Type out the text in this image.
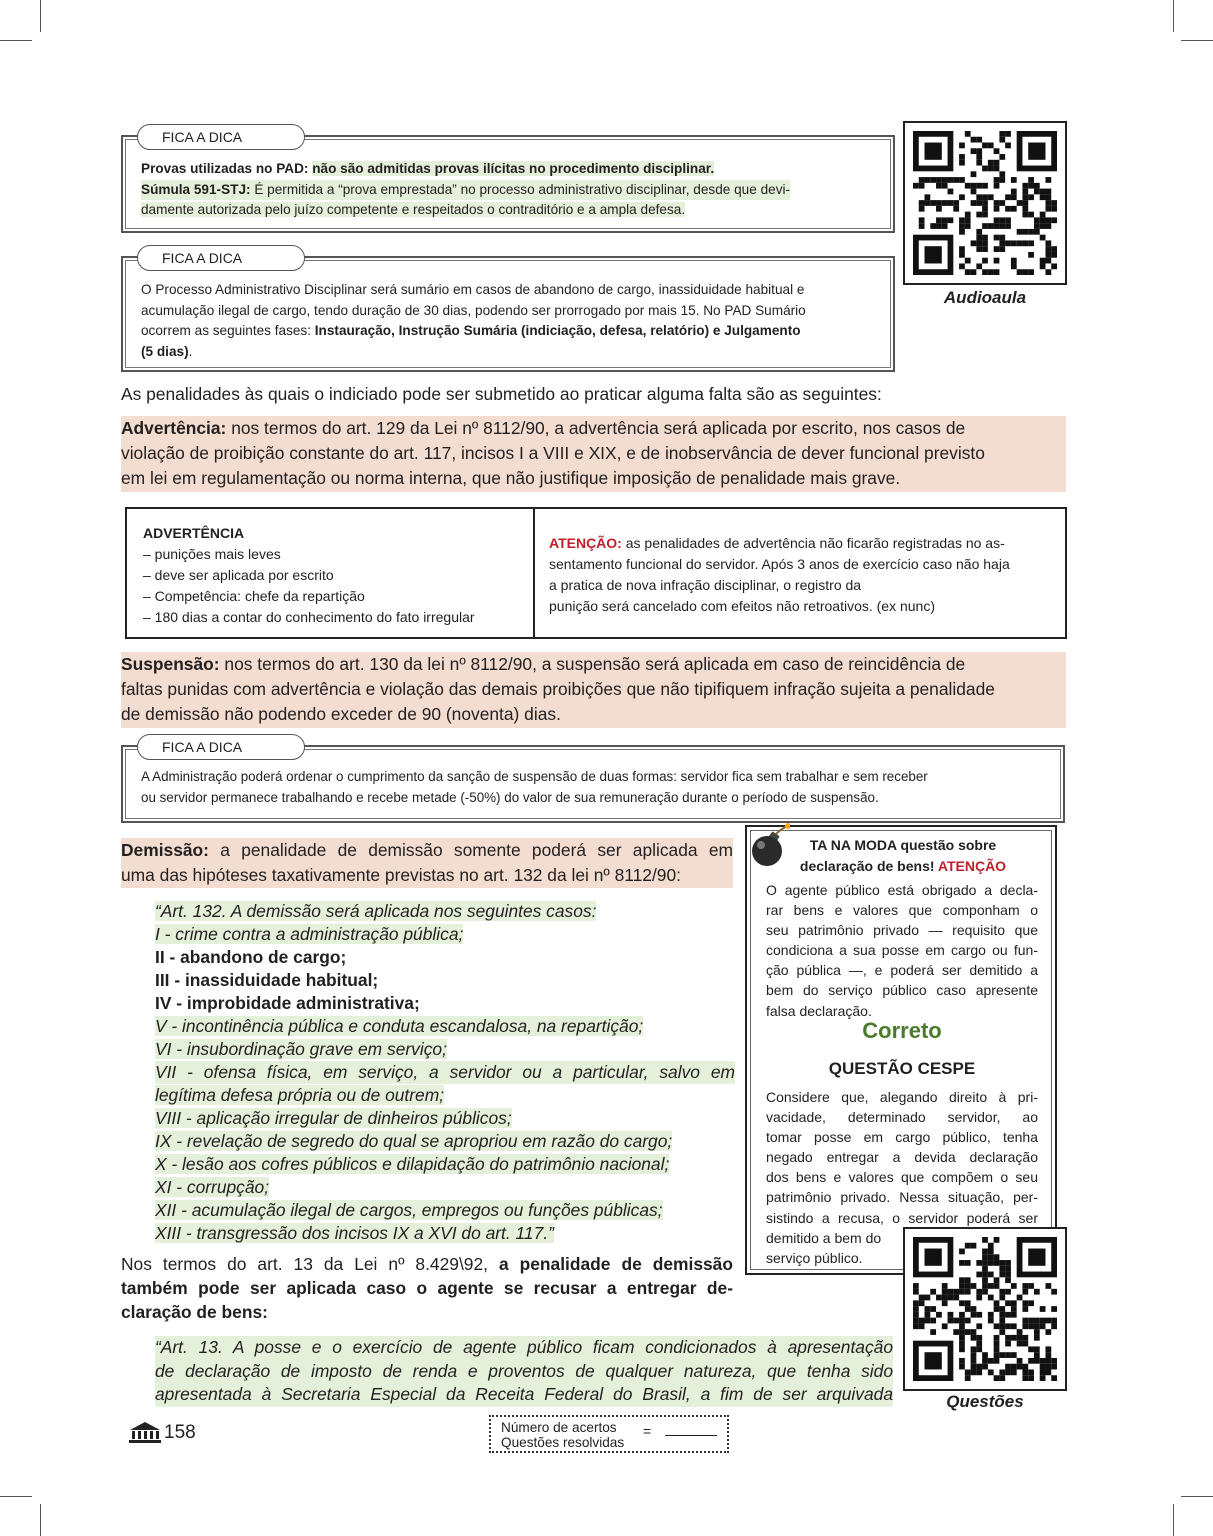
FICA A DICA
Provas utilizadas no PAD: não são admitidas provas ilícitas no procedimento disciplinar.
Súmula 591-STJ: É permitida a “prova emprestada” no processo administrativo disciplinar, desde que devi-
damente autorizada pelo juízo competente e respeitados o contraditório e a ampla defesa.
FICA A DICA
O Processo Administrativo Disciplinar será sumário em casos de abandono de cargo, inassiduidade habitual e
acumulação ilegal de cargo, tendo duração de 30 dias, podendo ser prorrogado por mais 15. No PAD Sumário
ocorrem as seguintes fases: Instauração, Instrução Sumária (indiciação, defesa, relatório) e Julgamento
(5 dias).
Audioaula
As penalidades às quais o indiciado pode ser submetido ao praticar alguma falta são as seguintes:
Advertência: nos termos do art. 129 da Lei nº 8112/90, a advertência será aplicada por escrito, nos casos de
violação de proibição constante do art. 117, incisos I a VIII e XIX, e de inobservância de dever funcional previsto
em lei em regulamentação ou norma interna, que não justifique imposição de penalidade mais grave.
ADVERTÊNCIA
– punições mais leves
– deve ser aplicada por escrito
– Competência: chefe da repartição
– 180 dias a contar do conhecimento do fato irregular
ATENÇÃO: as penalidades de advertência não ficarão registradas no as-
sentamento funcional do servidor. Após 3 anos de exercício caso não haja
a pratica de nova infração disciplinar, o registro da
punição será cancelado com efeitos não retroativos. (ex nunc)
Suspensão: nos termos do art. 130 da lei nº 8112/90, a suspensão será aplicada em caso de reincidência de
faltas punidas com advertência e violação das demais proibições que não tipifiquem infração sujeita a penalidade
de demissão não podendo exceder de 90 (noventa) dias.
FICA A DICA
A Administração poderá ordenar o cumprimento da sanção de suspensão de duas formas: servidor fica sem trabalhar e sem receber
ou servidor permanece trabalhando e recebe metade (-50%) do valor de sua remuneração durante o período de suspensão.
Demissão: a penalidade de demissão somente poderá ser aplicada em
uma das hipóteses taxativamente previstas no art. 132 da lei nº 8112/90:
“Art. 132. A demissão será aplicada nos seguintes casos:
I - crime contra a administração pública;
II - abandono de cargo;
III - inassiduidade habitual;
IV - improbidade administrativa;
V - incontinência pública e conduta escandalosa, na repartição;
VI - insubordinação grave em serviço;
VII - ofensa física, em serviço, a servidor ou a particular, salvo em
legítima defesa própria ou de outrem;
VIII - aplicação irregular de dinheiros públicos;
IX - revelação de segredo do qual se apropriou em razão do cargo;
X - lesão aos cofres públicos e dilapidação do patrimônio nacional;
XI - corrupção;
XII - acumulação ilegal de cargos, empregos ou funções públicas;
XIII - transgressão dos incisos IX a XVI do art. 117.”
Nos termos do art. 13 da Lei nº 8.429\92, a penalidade de demissão
também pode ser aplicada caso o agente se recusar a entregar de-
claração de bens:
“Art. 13. A posse e o exercício de agente público ficam condicionados à apresentação
de declaração de imposto de renda e proventos de qualquer natureza, que tenha sido
apresentada à Secretaria Especial da Receita Federal do Brasil, a fim de ser arquivada
TA NA MODA questão sobre
declaração de bens! ATENÇÃO
O agente público está obrigado a decla-
rar bens e valores que componham o
seu patrimônio privado — requisito que
condiciona a sua posse em cargo ou fun-
ção pública —, e poderá ser demitido a
bem do serviço público caso apresente
falsa declaração.
Correto
QUESTÃO CESPE
Considere que, alegando direito à pri-
vacidade, determinado servidor, ao
tomar posse em cargo público, tenha
negado entregar a devida declaração
dos bens e valores que compõem o seu
patrimônio privado. Nessa situação, per-
sistindo a recusa, o servidor poderá ser
demitido a bem do
serviço público.
Questões
158	Número de acertos
Questões resolvidas
=
